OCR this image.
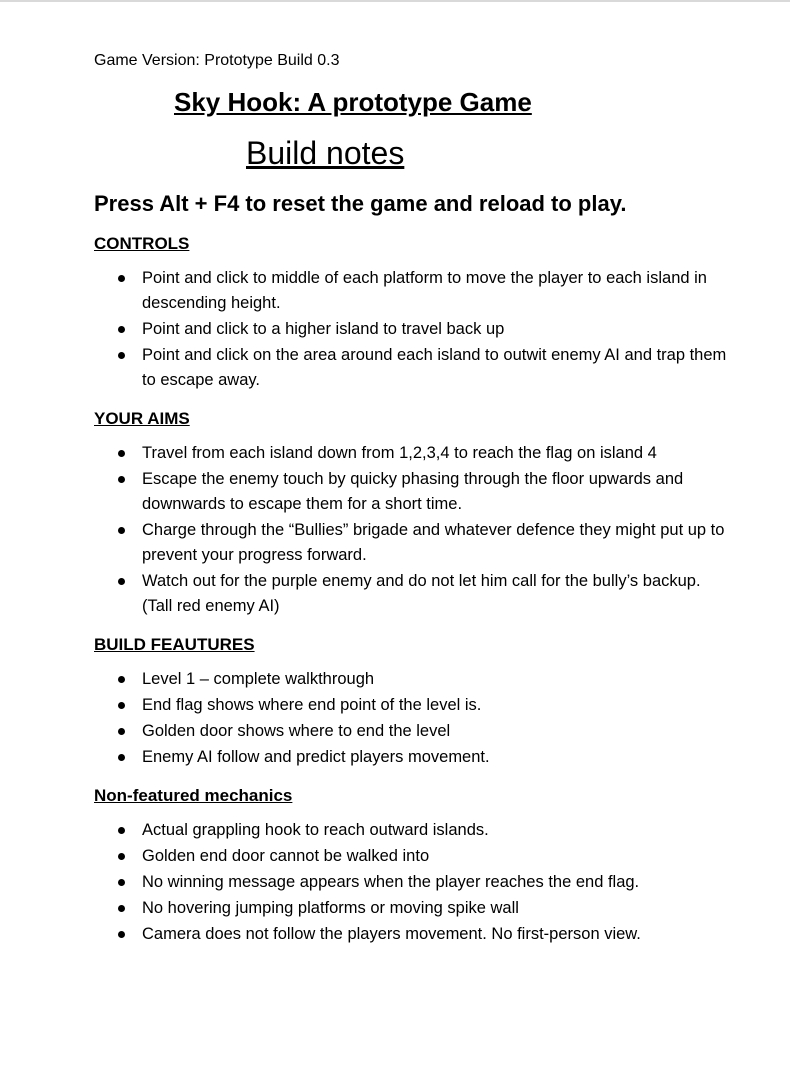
Game Version: Prototype Build 0.3

Sky Hook: A prototype Game
Build notes
Press Alt + F4 to reset the game and reload to play.
CONTROLS
Point and click to middle of each platform to move the player to each island in descending height.
Point and click to a higher island to travel back up
Point and click on the area around each island to outwit enemy AI and trap them to escape away.
YOUR AIMS
Travel from each island down from 1,2,3,4 to reach the flag on island 4
Escape the enemy touch by quicky phasing through the floor upwards and downwards to escape them for a short time.
Charge through the “Bullies” brigade and whatever defence they might put up to prevent your progress forward.
Watch out for the purple enemy and do not let him call for the bully’s backup. (Tall red enemy AI)
BUILD FEAUTURES
Level 1 – complete walkthrough
End flag shows where end point of the level is.
Golden door shows where to end the level
Enemy AI follow and predict players movement.
Non-featured mechanics
Actual grappling hook to reach outward islands.
Golden end door cannot be walked into
No winning message appears when the player reaches the end flag.
No hovering jumping platforms or moving spike wall
Camera does not follow the players movement. No first-person view.
